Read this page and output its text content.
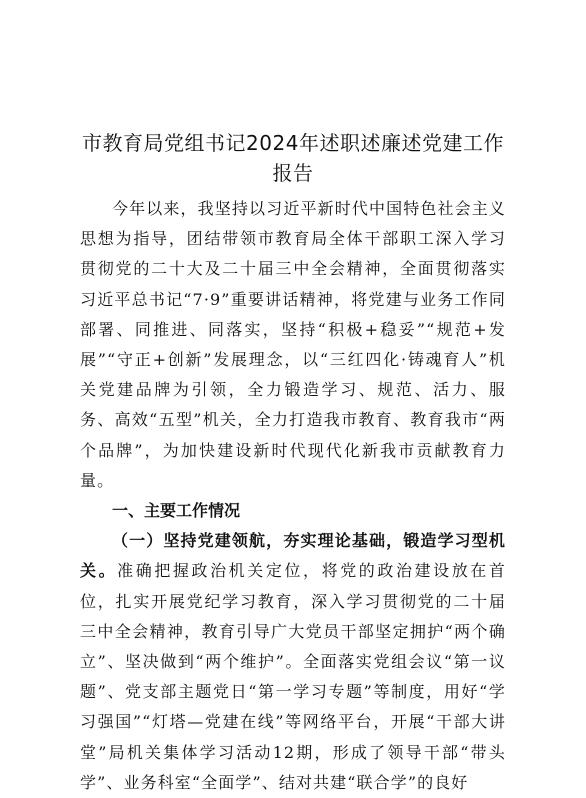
市教育局党组书记2024年述职述廉述党建工作
报告

今年以来，我坚持以习近平新时代中国特色社会主义思想为指导，团结带领市教育局全体干部职工深入学习贯彻党的二十大及二十届三中全会精神，全面贯彻落实习近平总书记“7·9”重要讲话精神，将党建与业务工作同部署、同推进、同落实，坚持“积极+稳妥”“规范+发展”“守正+创新”发展理念，以“三红四化·铸魂育人”机关党建品牌为引领，全力锻造学习、规范、活力、服务、高效“五型”机关，全力打造我市教育、教育我市“两个品牌”，为加快建设新时代现代化新我市贡献教育力量。

一、主要工作情况

（一）坚持党建领航，夯实理论基础，锻造学习型机关。准确把握政治机关定位，将党的政治建设放在首位，扎实开展党纪学习教育，深入学习贯彻党的二十届三中全会精神，教育引导广大党员干部坚定拥护“两个确立”、坚决做到“两个维护”。全面落实党组会议“第一议题”、党支部主题党日“第一学习专题”等制度，用好“学习强国”“灯塔—党建在线”等网络平台，开展“干部大讲堂”局机关集体学习活动12期，形成了领导干部“带头学”、业务科室“全面学”、结对共建“联合学”的良好
